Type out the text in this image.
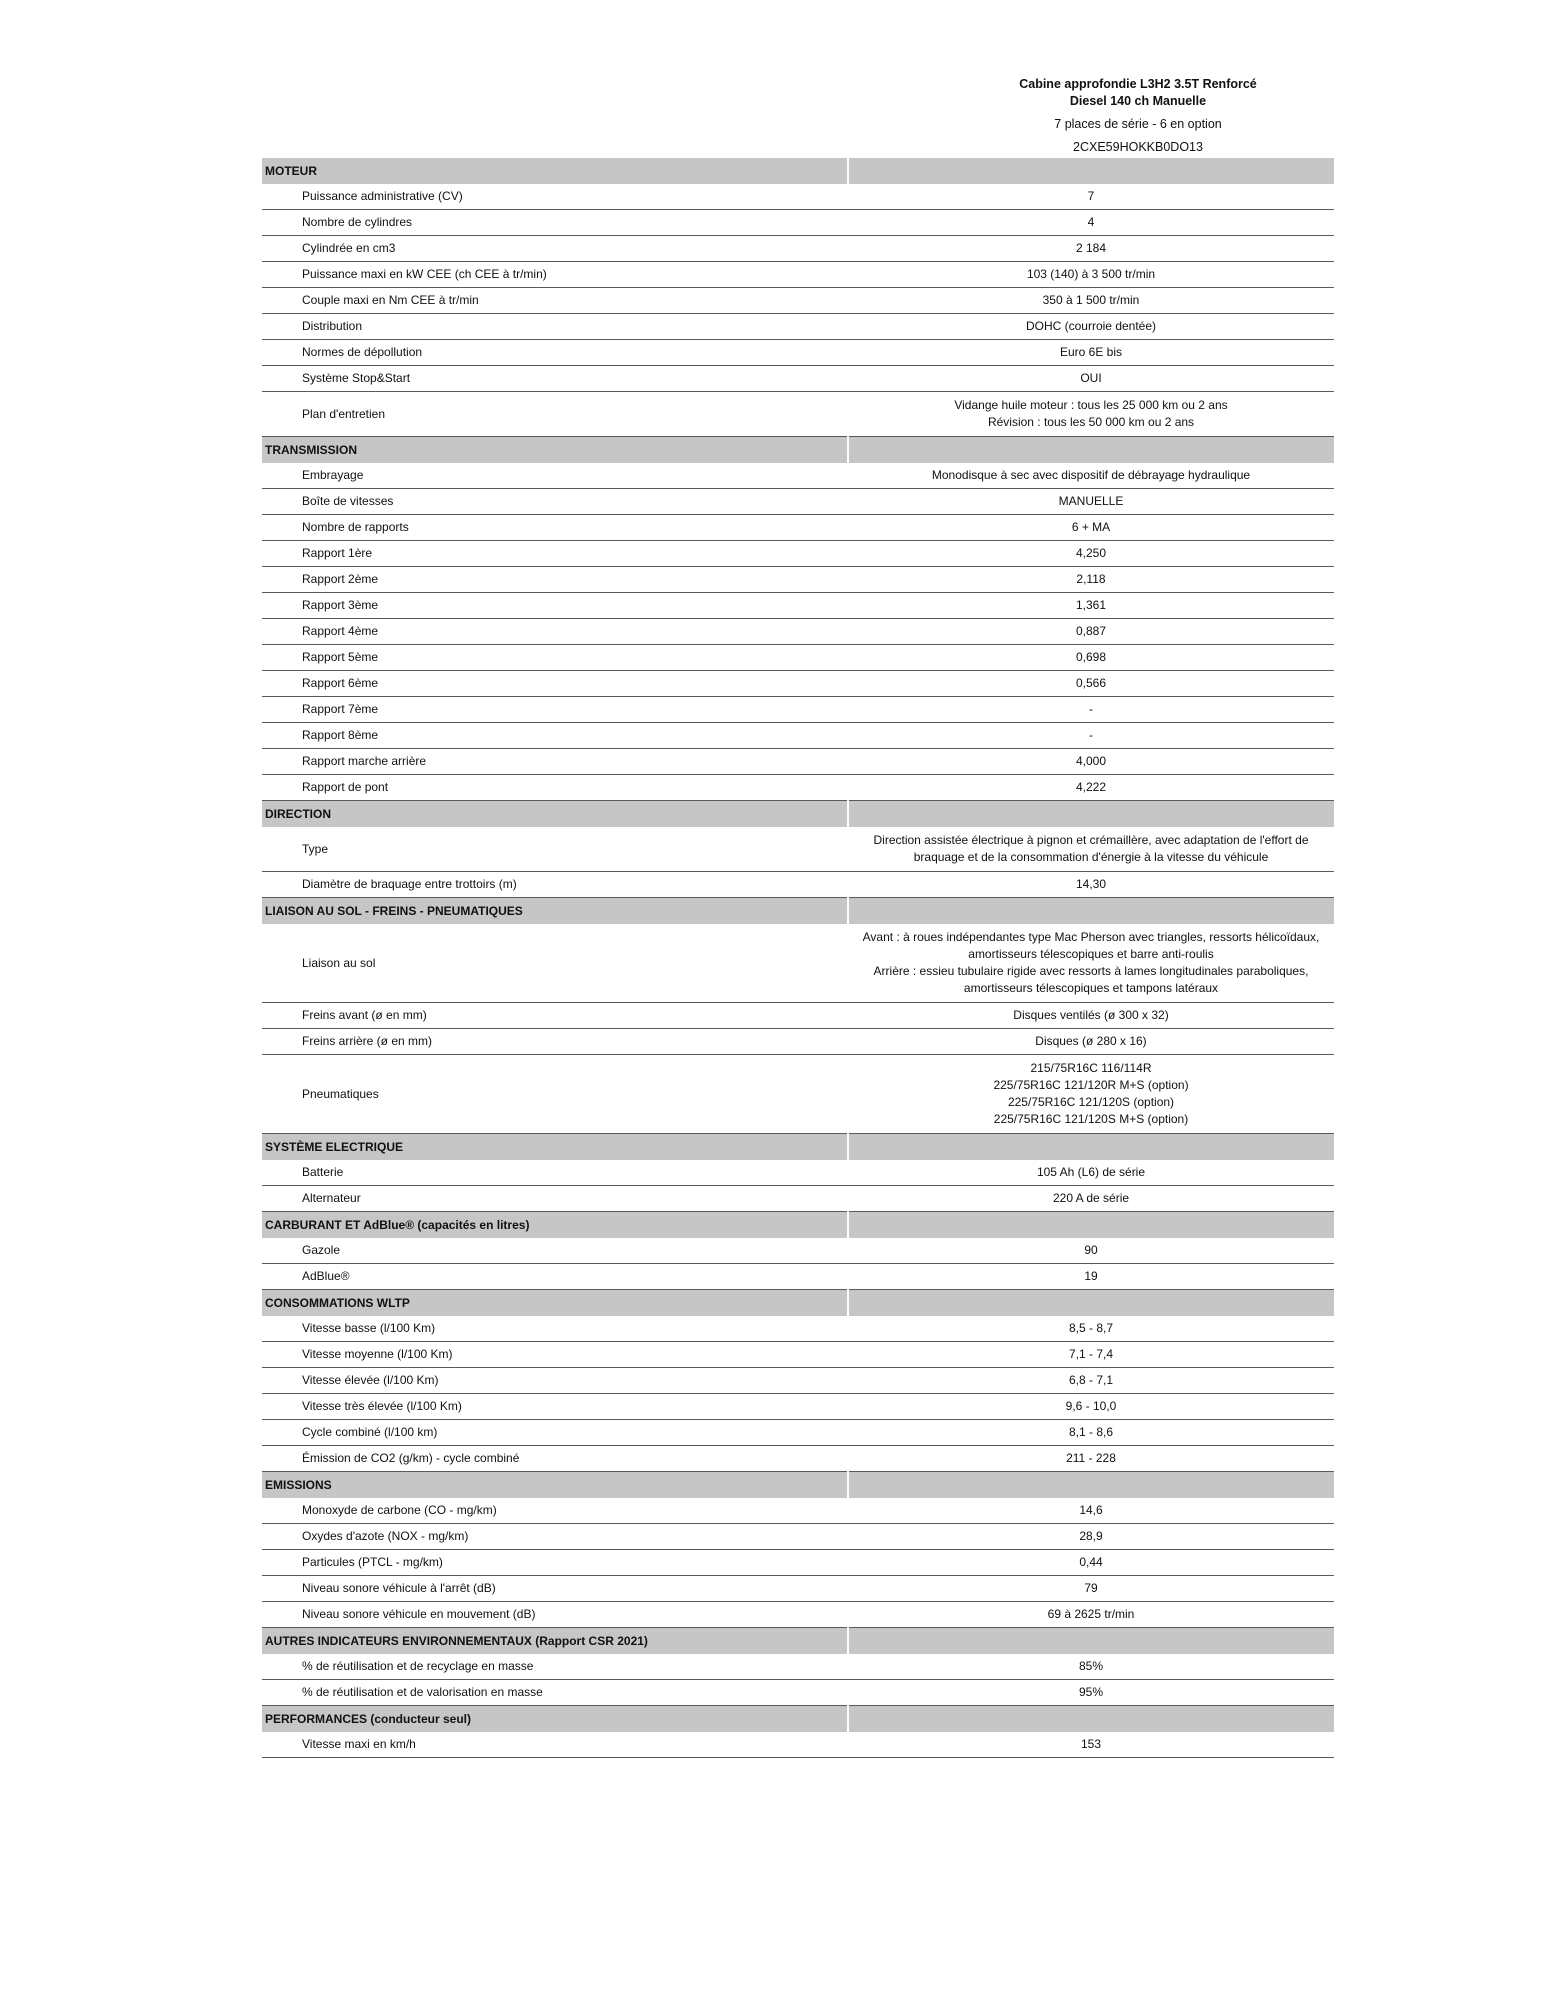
Cabine approfondie L3H2 3.5T Renforcé
Diesel 140 ch Manuelle
7 places de série - 6 en option
2CXE59HOKKB0DO13
MOTEUR	
Puissance administrative (CV)	7
Nombre de cylindres	4
Cylindrée en cm3	2 184
Puissance maxi en kW CEE (ch CEE à tr/min)	103 (140) à 3 500 tr/min
Couple maxi en Nm CEE à tr/min	350 à 1 500 tr/min
Distribution	DOHC (courroie dentée)
Normes de dépollution	Euro 6E bis
Système Stop&Start	OUI
Plan d'entretien	Vidange huile moteur : tous les 25 000 km ou 2 ans
Révision : tous les 50 000 km ou 2 ans
TRANSMISSION	
Embrayage	Monodisque à sec avec dispositif de débrayage hydraulique
Boîte de vitesses	MANUELLE
Nombre de rapports	6 + MA
Rapport 1ère	4,250
Rapport 2ème	2,118
Rapport 3ème	1,361
Rapport 4ème	0,887
Rapport 5ème	0,698
Rapport 6ème	0,566
Rapport 7ème	-
Rapport 8ème	-
Rapport marche arrière	4,000
Rapport de pont	4,222
DIRECTION	
Type	Direction assistée électrique à pignon et crémaillère, avec adaptation de l'effort de
braquage et de la consommation d'énergie à la vitesse du véhicule
Diamètre de braquage entre trottoirs (m)	14,30
LIAISON AU SOL - FREINS - PNEUMATIQUES	
Liaison au sol	Avant : à roues indépendantes type Mac Pherson avec triangles, ressorts hélicoïdaux,
amortisseurs télescopiques et barre anti-roulis
Arrière : essieu tubulaire rigide avec ressorts à lames longitudinales paraboliques,
amortisseurs télescopiques et tampons latéraux
Freins avant (ø en mm)	Disques ventilés (ø 300 x 32)
Freins arrière (ø en mm)	Disques (ø 280 x 16)
Pneumatiques	215/75R16C 116/114R
225/75R16C 121/120R M+S (option)
225/75R16C 121/120S (option)
225/75R16C 121/120S M+S (option)
SYSTÈME ELECTRIQUE	
Batterie	105 Ah (L6) de série
Alternateur	220 A de série
CARBURANT ET AdBlue® (capacités en litres)	
Gazole	90
AdBlue®	19
CONSOMMATIONS WLTP	
Vitesse basse (l/100 Km)	8,5 - 8,7
Vitesse moyenne (l/100 Km)	7,1 - 7,4
Vitesse élevée (l/100 Km)	6,8 - 7,1
Vitesse très élevée (l/100 Km)	9,6 - 10,0
Cycle combiné (l/100 km)	8,1 - 8,6
Émission de CO2 (g/km) - cycle combiné	211 - 228
EMISSIONS	
Monoxyde de carbone (CO - mg/km)	14,6
Oxydes d'azote (NOX - mg/km)	28,9
Particules (PTCL - mg/km)	0,44
Niveau sonore véhicule à l'arrêt (dB)	79
Niveau sonore véhicule en mouvement (dB)	69 à 2625 tr/min
AUTRES INDICATEURS ENVIRONNEMENTAUX (Rapport CSR 2021)	
% de réutilisation et de recyclage en masse	85%
% de réutilisation et de valorisation en masse	95%
PERFORMANCES (conducteur seul)	
Vitesse maxi en km/h	153
